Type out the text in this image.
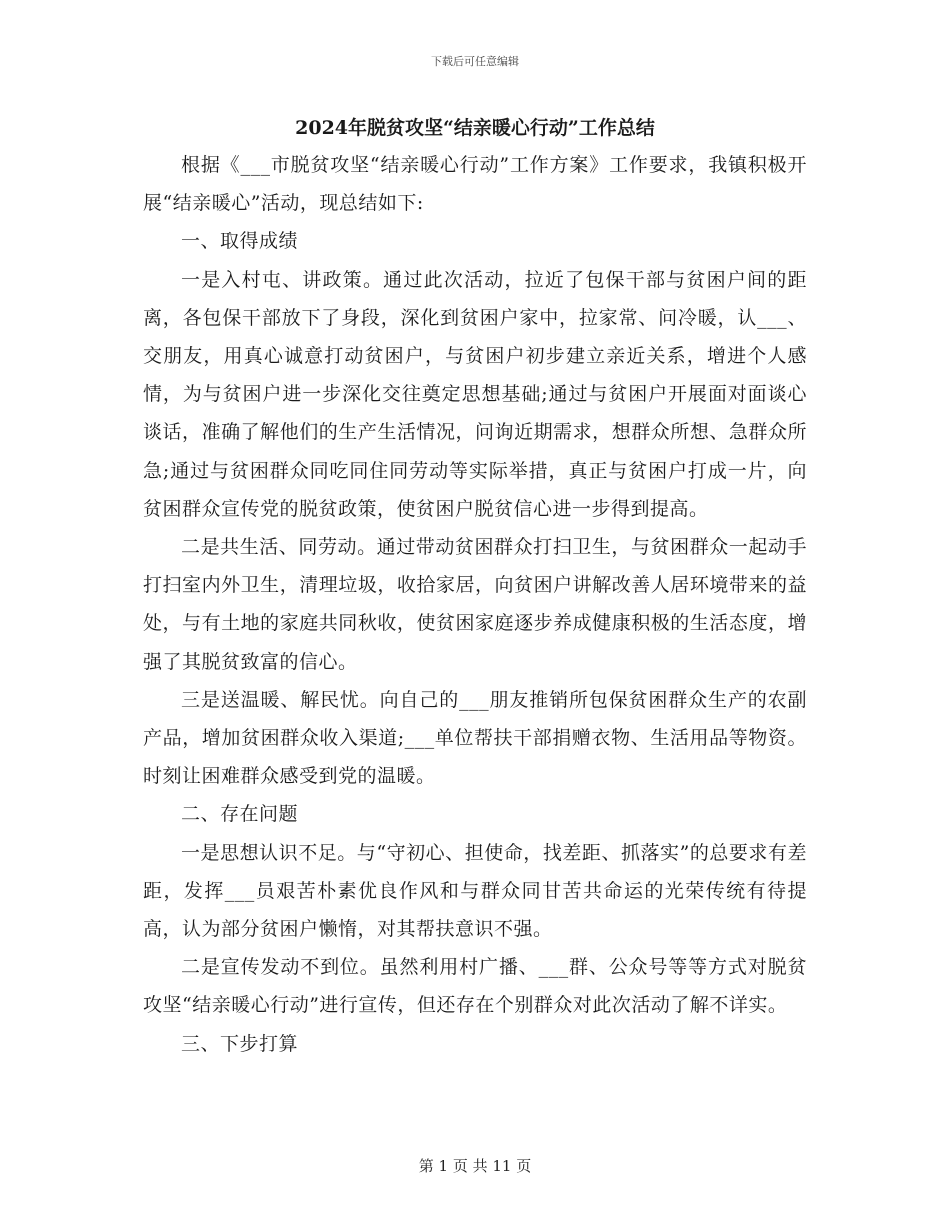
下载后可任意编辑
2024年脱贫攻坚“结亲暖心行动”工作总结

根据《___市脱贫攻坚“结亲暖心行动”工作方案》工作要求，我镇积极开展“结亲暖心”活动，现总结如下:

一、取得成绩

一是入村屯、讲政策。通过此次活动，拉近了包保干部与贫困户间的距离，各包保干部放下了身段，深化到贫困户家中，拉家常、问冷暖，认___、交朋友，用真心诚意打动贫困户，与贫困户初步建立亲近关系，增进个人感情，为与贫困户进一步深化交往奠定思想基础;通过与贫困户开展面对面谈心谈话，准确了解他们的生产生活情况，问询近期需求，想群众所想、急群众所急;通过与贫困群众同吃同住同劳动等实际举措，真正与贫困户打成一片，向贫困群众宣传党的脱贫政策，使贫困户脱贫信心进一步得到提高。

二是共生活、同劳动。通过带动贫困群众打扫卫生，与贫困群众一起动手打扫室内外卫生，清理垃圾，收拾家居，向贫困户讲解改善人居环境带来的益处，与有土地的家庭共同秋收，使贫困家庭逐步养成健康积极的生活态度，增强了其脱贫致富的信心。

三是送温暖、解民忧。向自己的___朋友推销所包保贫困群众生产的农副产品，增加贫困群众收入渠道;___单位帮扶干部捐赠衣物、生活用品等物资。时刻让困难群众感受到党的温暖。

二、存在问题

一是思想认识不足。与“守初心、担使命，找差距、抓落实”的总要求有差距，发挥___员艰苦朴素优良作风和与群众同甘苦共命运的光荣传统有待提高，认为部分贫困户懒惰，对其帮扶意识不强。

二是宣传发动不到位。虽然利用村广播、___群、公众号等等方式对脱贫攻坚“结亲暖心行动”进行宣传，但还存在个别群众对此次活动了解不详实。

三、下步打算

第 1 页 共 11 页
